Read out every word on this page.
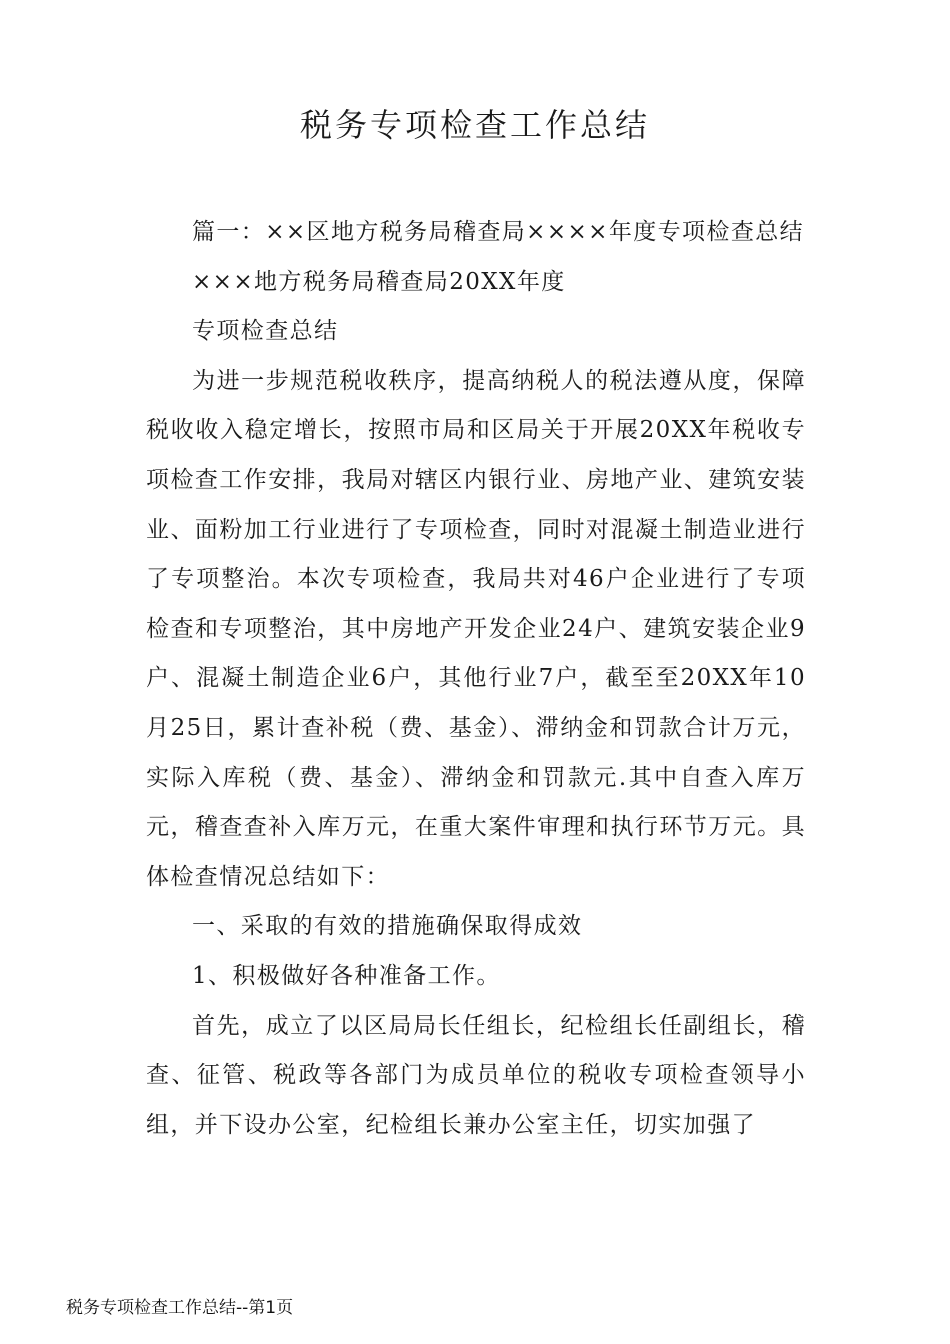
税务专项检查工作总结

篇一：××区地方税务局稽查局××××年度专项检查总结

×××地方税务局稽查局20XX年度

专项检查总结

为进一步规范税收秩序，提高纳税人的税法遵从度，保障税收收入稳定增长，按照市局和区局关于开展20XX年税收专项检查工作安排，我局对辖区内银行业、房地产业、建筑安装业、面粉加工行业进行了专项检查，同时对混凝土制造业进行了专项整治。本次专项检查，我局共对46户企业进行了专项检查和专项整治，其中房地产开发企业24户、建筑安装企业9户、混凝土制造企业6户，其他行业7户，截至至20XX年10月25日，累计查补税（费、基金）、滞纳金和罚款合计万元，实际入库税（费、基金）、滞纳金和罚款元.其中自查入库万元，稽查查补入库万元，在重大案件审理和执行环节万元。具体检查情况总结如下：

一、采取的有效的措施确保取得成效

1、积极做好各种准备工作。

首先，成立了以区局局长任组长，纪检组长任副组长，稽查、征管、税政等各部门为成员单位的税收专项检查领导小组，并下设办公室，纪检组长兼办公室主任，切实加强了

税务专项检查工作总结--第1页
